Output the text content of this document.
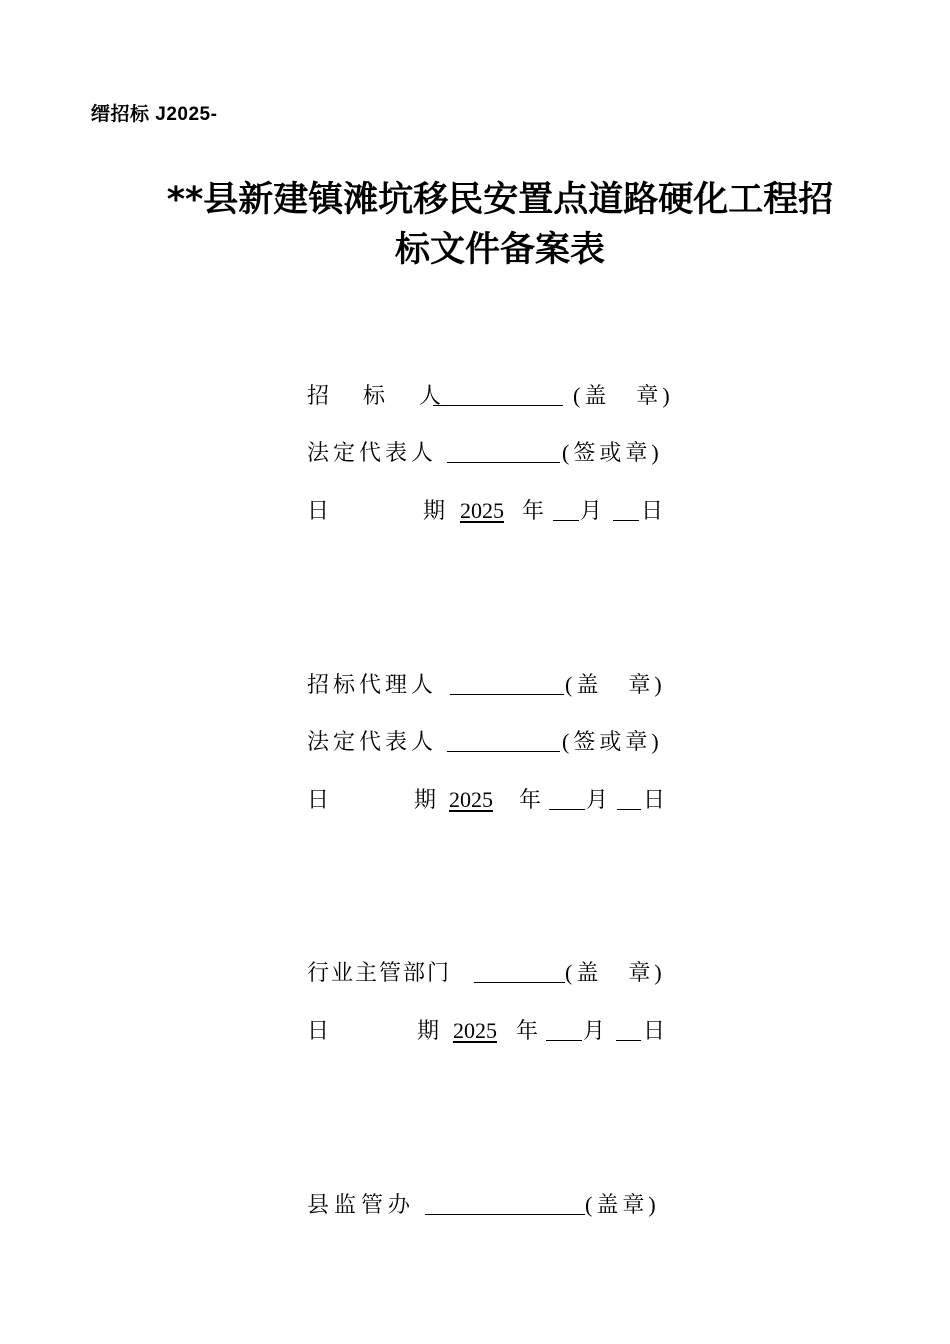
缙招标 J2025-
**县新建镇滩坑移民安置点道路硬化工程招
标文件备案表
招　标　人	(盖　章)
法定代表人	(签或章)
日	期 2025 年 月 日
招标代理人	(盖　章)
法定代表人	(签或章)
日	期 2025 年 月 日
行业主管部门	(盖　章)
日	期 2025 年 月 日
县监管办	(盖章)
